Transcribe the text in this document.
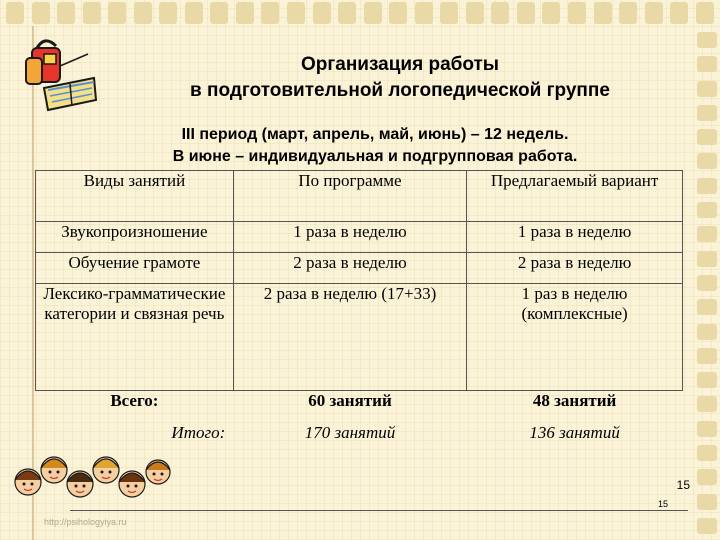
Организация работы
в подготовительной логопедической группе
III период (март, апрель, май, июнь) – 12 недель.
В июне – индивидуальная и подгрупповая работа.
Виды занятий	По программе	Предлагаемый вариант
Звукопроизношение	1 раза в неделю	1 раза в неделю
Обучение грамоте	2 раза в неделю	2 раза в неделю
Лексико-грамматические категории и связная речь	2 раза в неделю (17+33)	1 раз в неделю (комплексные)
Всего:	60 занятий	48 занятий
Итого:	170 занятий	136 занятий
15
15
http://psihologyiya.ru
